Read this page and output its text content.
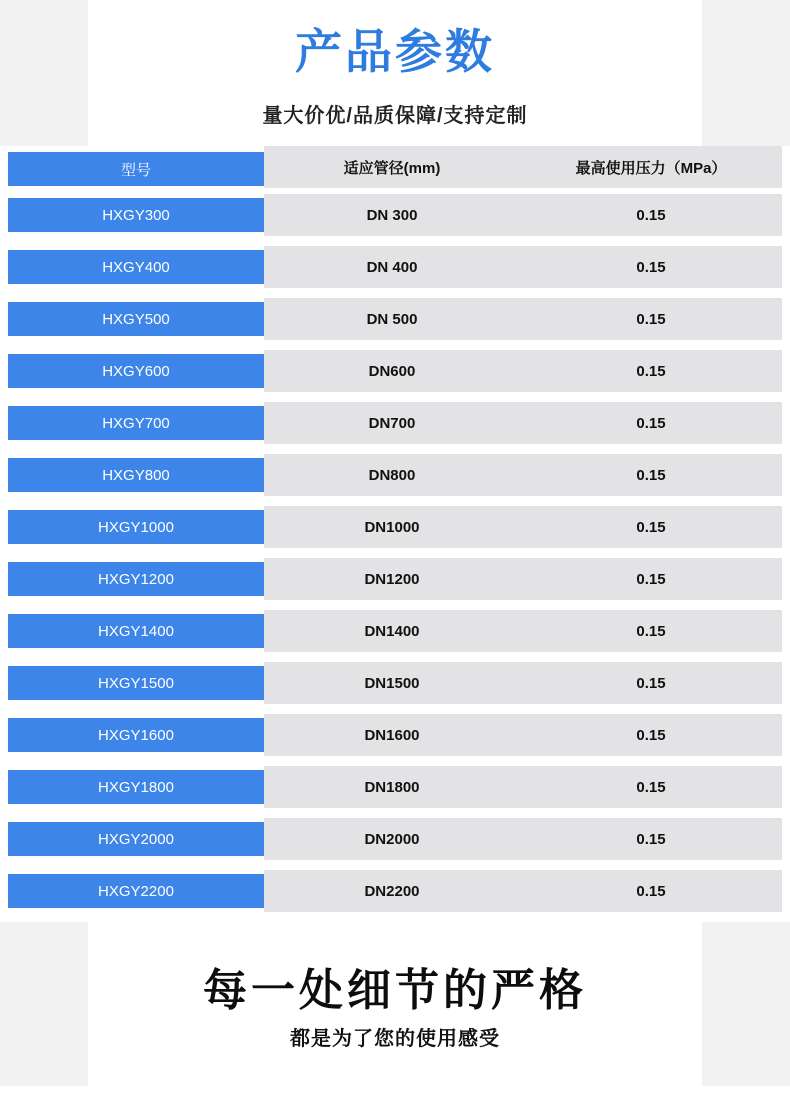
产品参数
量大价优/品质保障/支持定制
型号	适应管径(mm)	最高使用压力（MPa）
HXGY300	DN 300	0.15
HXGY400	DN 400	0.15
HXGY500	DN 500	0.15
HXGY600	DN600	0.15
HXGY700	DN700	0.15
HXGY800	DN800	0.15
HXGY1000	DN1000	0.15
HXGY1200	DN1200	0.15
HXGY1400	DN1400	0.15
HXGY1500	DN1500	0.15
HXGY1600	DN1600	0.15
HXGY1800	DN1800	0.15
HXGY2000	DN2000	0.15
HXGY2200	DN2200	0.15
每一处细节的严格
都是为了您的使用感受
